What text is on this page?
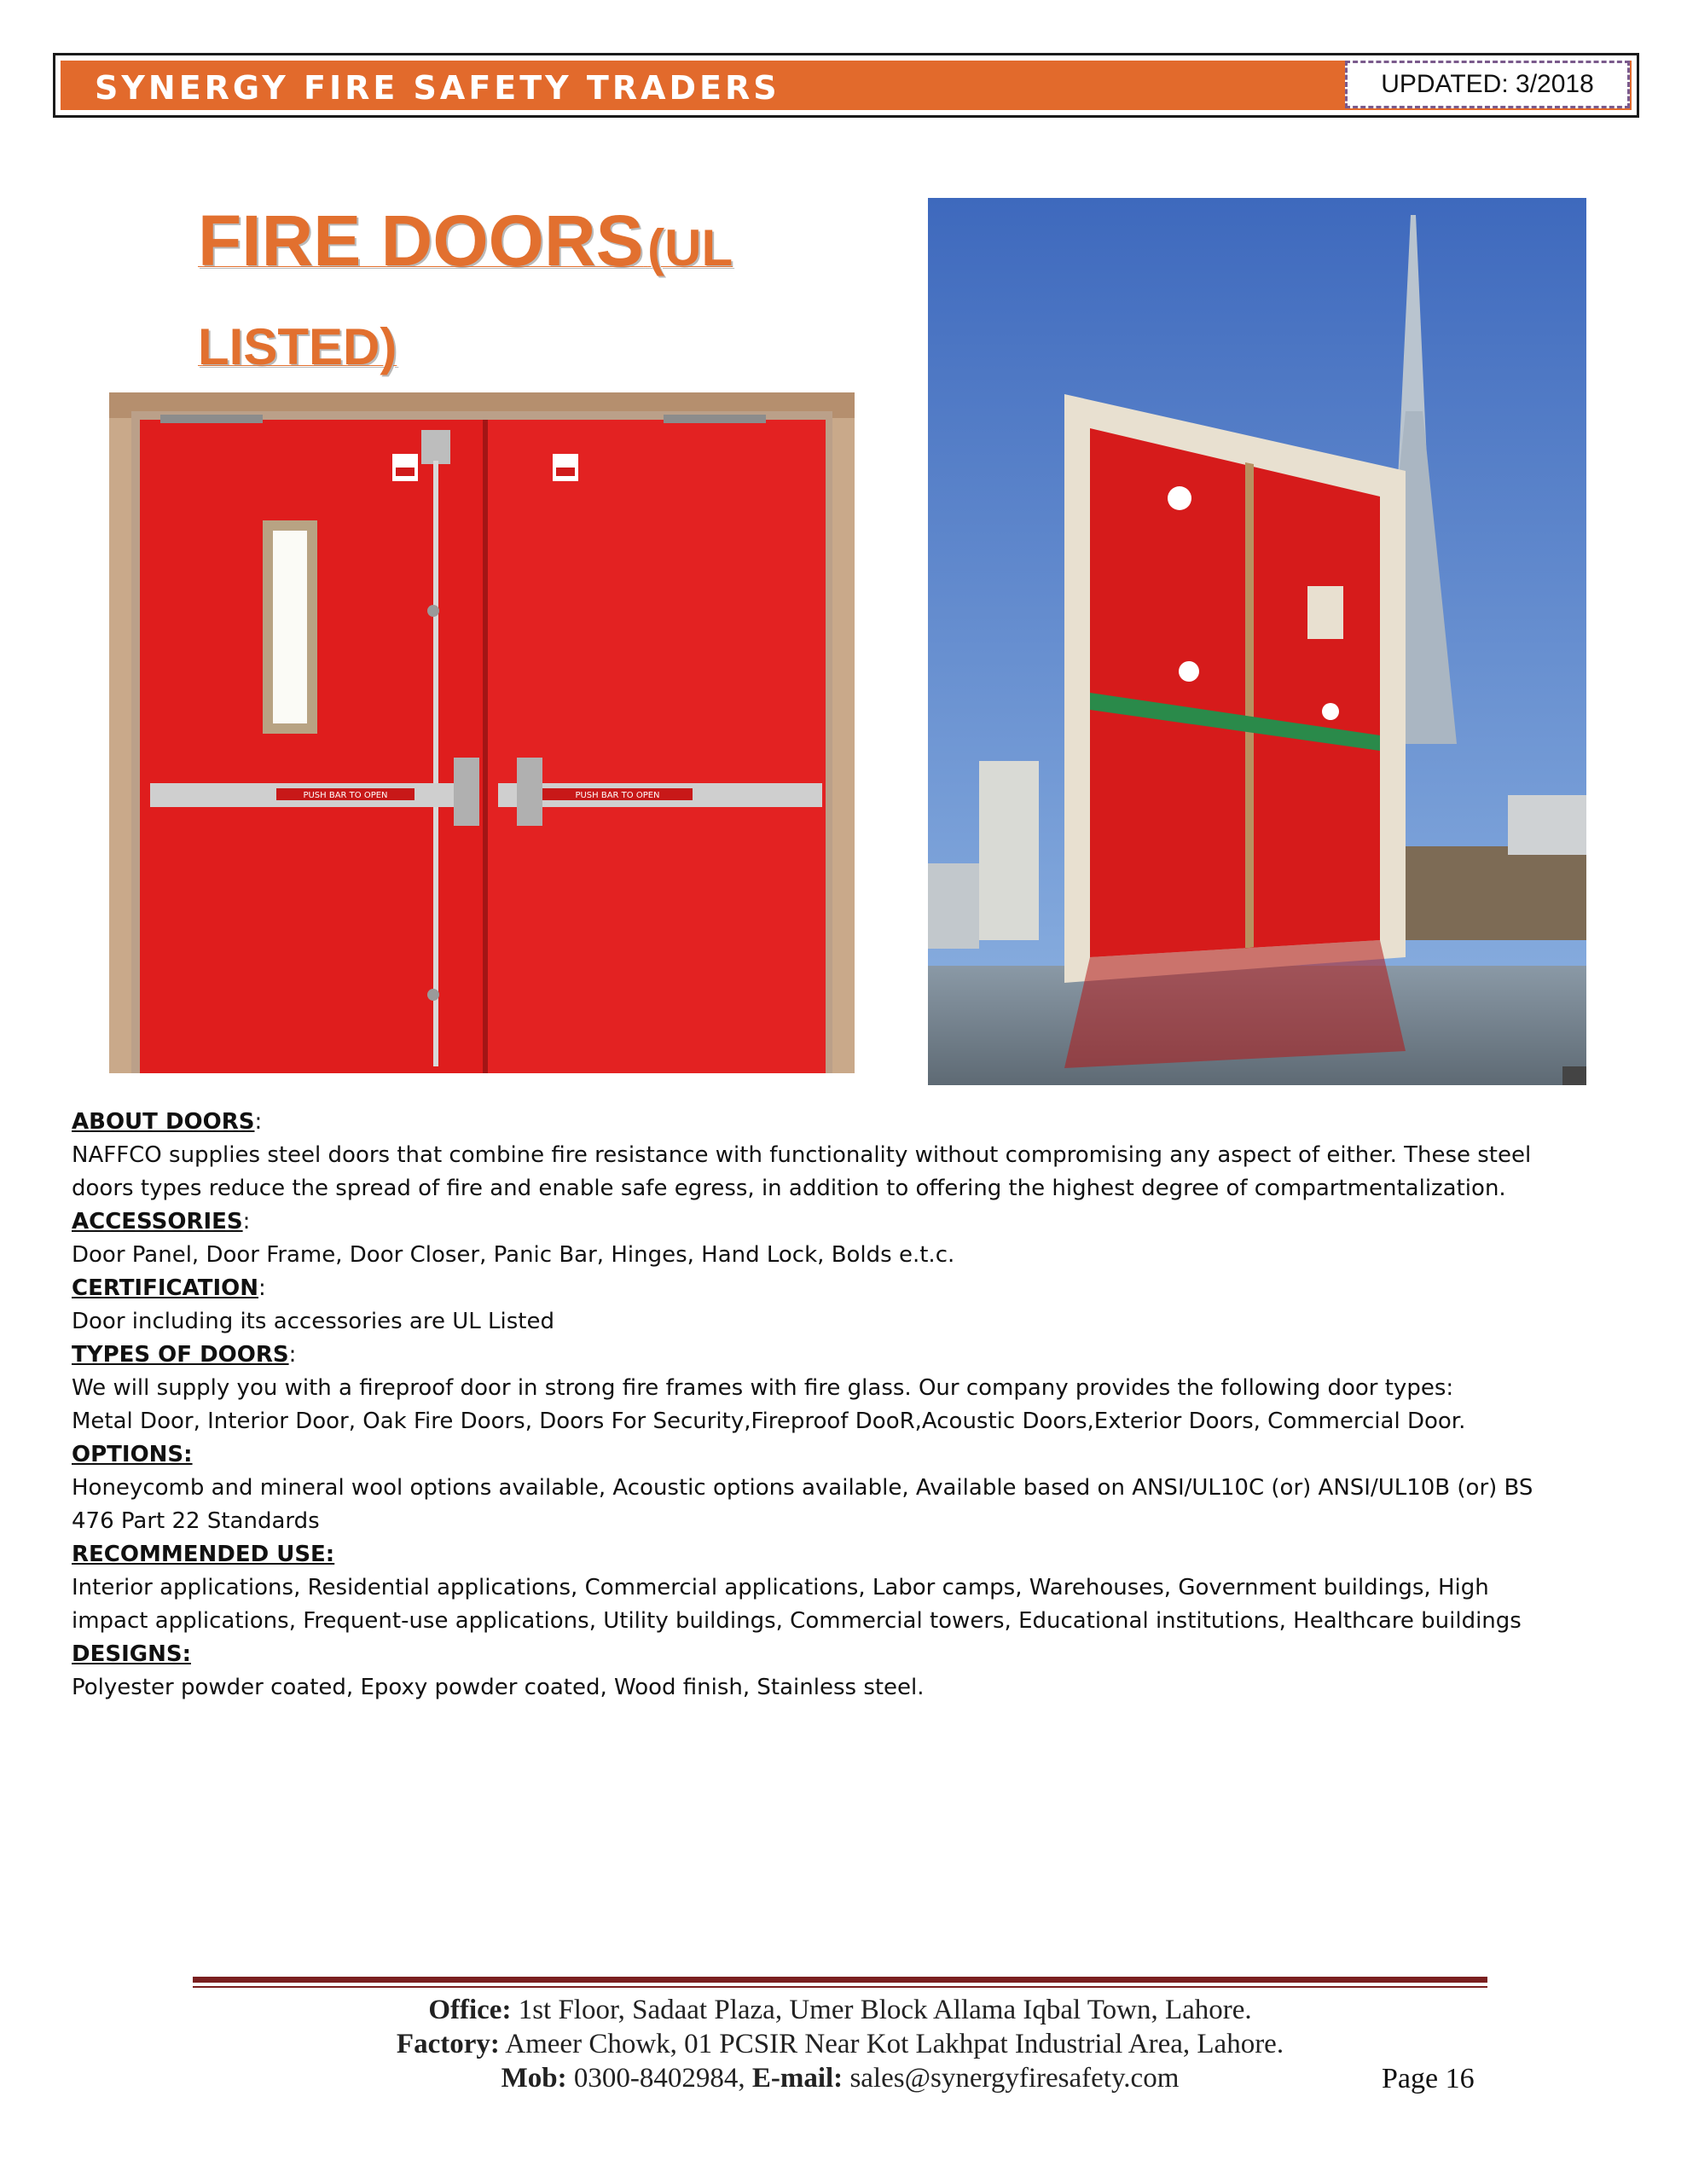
SYNERGY FIRE SAFETY TRADERS	UPDATED: 3/2018
FIRE DOORS (UL
LISTED)
PUSH BAR TO OPEN	PUSH BAR TO OPEN
ABOUT DOORS:

NAFFCO supplies steel doors that combine fire resistance with functionality without compromising any aspect of either. These steel doors types reduce the spread of fire and enable safe egress, in addition to offering the highest degree of compartmentalization.

ACCESSORIES:

Door Panel, Door Frame, Door Closer, Panic Bar, Hinges, Hand Lock, Bolds e.t.c.

CERTIFICATION:

Door including its accessories are UL Listed

TYPES OF DOORS:

We will supply you with a fireproof door in strong fire frames with fire glass. Our company provides the following door types:

Metal Door, Interior Door, Oak Fire Doors, Doors For Security,Fireproof DooR,Acoustic Doors,Exterior Doors, Commercial Door.

OPTIONS:

Honeycomb and mineral wool options available, Acoustic options available, Available based on ANSI/UL10C (or) ANSI/UL10B (or) BS 476 Part 22 Standards

RECOMMENDED USE:

Interior applications, Residential applications, Commercial applications, Labor camps, Warehouses, Government buildings, High impact applications, Frequent-use applications, Utility buildings, Commercial towers, Educational institutions, Healthcare buildings

DESIGNS:

Polyester powder coated, Epoxy powder coated, Wood finish, Stainless steel.

Office: 1st Floor, Sadaat Plaza, Umer Block Allama Iqbal Town, Lahore.
Factory: Ameer Chowk, 01 PCSIR Near Kot Lakhpat Industrial Area, Lahore.
Mob: 0300-8402984, E-mail: sales@synergyfiresafety.com	Page 16
